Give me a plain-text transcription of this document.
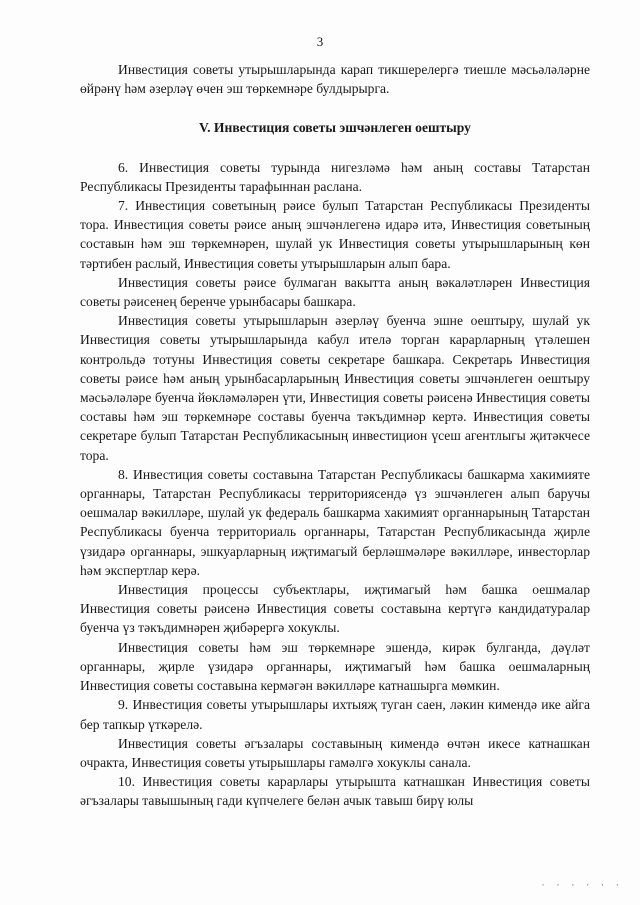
3

Инвестиция советы утырышларында карап тикшерелергә тиешле мәсьәләләрне өйрәнү һәм әзерләү өчен эш төркемнәре булдырырга.

V. Инвестиция советы эшчәнлеген оештыру

6. Инвестиция советы турында нигезләмә һәм аның составы Татарстан Республикасы Президенты тарафыннан раслана.

7. Инвестиция советының рәисе булып Татарстан Республикасы Президенты тора. Инвестиция советы рәисе аның эшчәнлегенә идарә итә, Инвестиция советының составын һәм эш төркемнәрен, шулай ук Инвестиция советы утырышларының көн тәртибен раслый, Инвестиция советы утырышларын алып бара.

Инвестиция советы рәисе булмаган вакытта аның вәкаләтләрен Инвестиция советы рәисенең беренче урынбасары башкара.

Инвестиция советы утырышларын әзерләү буенча эшне оештыру, шулай ук Инвестиция советы утырышларында кабул ителә торган карарларның үтәлешен контрольдә тотуны Инвестиция советы секретаре башкара. Секретарь Инвестиция советы рәисе һәм аның урынбасарларының Инвестиция советы эшчәнлеген оештыру мәсьәләләре буенча йөкләмәләрен үти, Инвестиция советы рәисенә Инвестиция советы составы һәм эш төркемнәре составы буенча тәкъдимнәр кертә. Инвестиция советы секретаре булып Татарстан Республикасының инвестицион үсеш агентлыгы җитәкчесе тора.

8. Инвестиция советы составына Татарстан Республикасы башкарма хакимияте органнары, Татарстан Республикасы территориясендә үз эшчәнлеген алып баручы оешмалар вәкилләре, шулай ук федераль башкарма хакимият органнарының Татарстан Республикасы буенча территориаль органнары, Татарстан Республикасында җирле үзидарә органнары, эшкуарларның иҗтимагый берләшмәләре вәкилләре, инвесторлар һәм экспертлар керә.

Инвестиция процессы субъектлары, иҗтимагый һәм башка оешмалар Инвестиция советы рәисенә Инвестиция советы составына кертүгә кандидатуралар буенча үз тәкъдимнәрен җибәрергә хокуклы.

Инвестиция советы һәм эш төркемнәре эшендә, кирәк булганда, дәүләт органнары, җирле үзидарә органнары, иҗтимагый һәм башка оешмаларның Инвестиция советы составына кермәгән вәкилләре катнашырга мөмкин.

9. Инвестиция советы утырышлары ихтыяҗ туган саен, ләкин кимендә ике айга бер тапкыр үткәрелә.

Инвестиция советы әгъзалары составының кимендә өчтән икесе катнашкан очракта, Инвестиция советы утырышлары гамәлгә хокуклы санала.

10. Инвестиция советы карарлары утырышта катнашкан Инвестиция советы әгъзалары тавышының гади күпчелеге белән ачык тавыш бирү юлы

· · · · · ·
